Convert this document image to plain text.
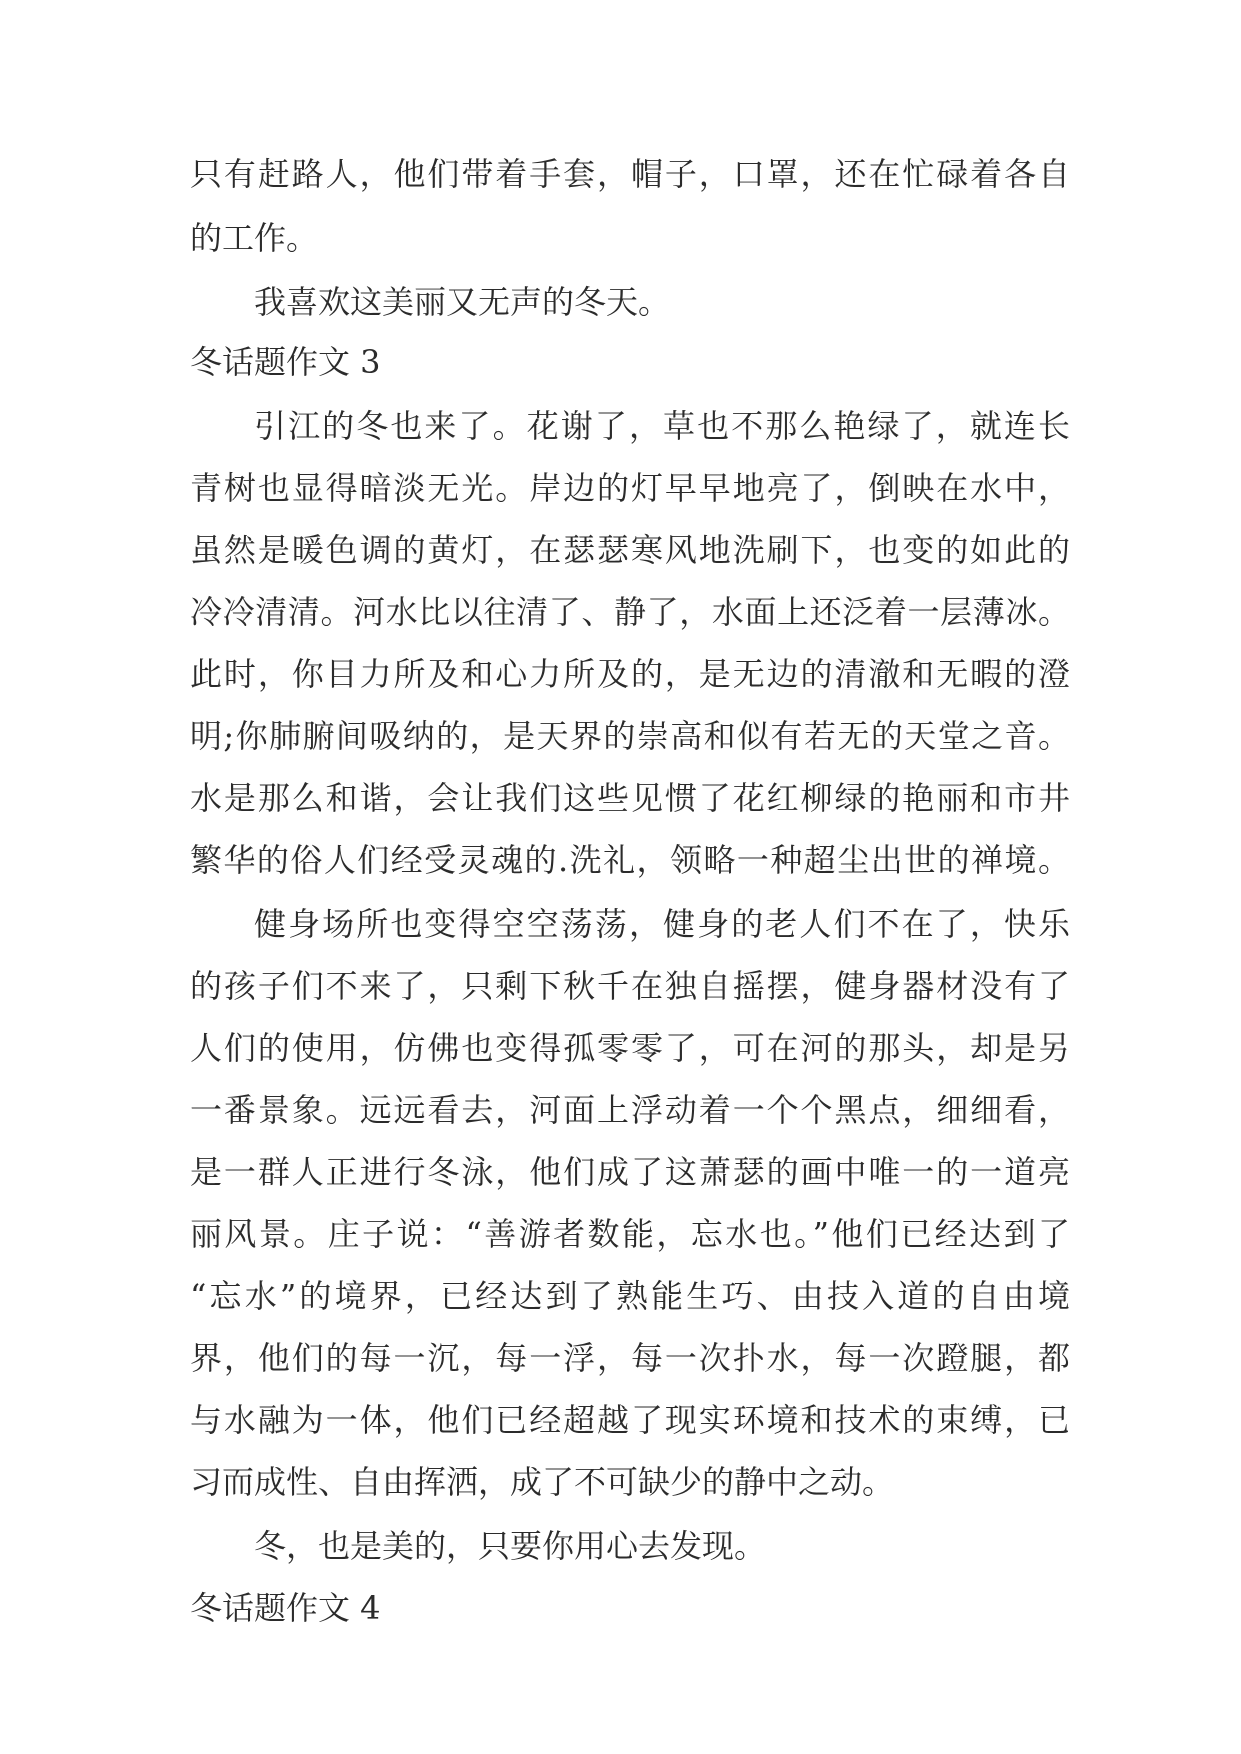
只有赶路人，他们带着手套，帽子，口罩，还在忙碌着各自
的工作。
我喜欢这美丽又无声的冬天。
冬话题作文 3
引江的冬也来了。花谢了，草也不那么艳绿了，就连长
青树也显得暗淡无光。岸边的灯早早地亮了，倒映在水中，
虽然是暖色调的黄灯，在瑟瑟寒风地洗刷下，也变的如此的
冷冷清清。河水比以往清了、静了，水面上还泛着一层薄冰。
此时，你目力所及和心力所及的，是无边的清澈和无暇的澄
明;你肺腑间吸纳的，是天界的崇高和似有若无的天堂之音。
水是那么和谐，会让我们这些见惯了花红柳绿的艳丽和市井
繁华的俗人们经受灵魂的.洗礼，领略一种超尘出世的禅境。
健身场所也变得空空荡荡，健身的老人们不在了，快乐
的孩子们不来了，只剩下秋千在独自摇摆，健身器材没有了
人们的使用，仿佛也变得孤零零了，可在河的那头，却是另
一番景象。远远看去，河面上浮动着一个个黑点，细细看，
是一群人正进行冬泳，他们成了这萧瑟的画中唯一的一道亮
丽风景。庄子说：“善游者数能，忘水也。”他们已经达到了
“忘水”的境界，已经达到了熟能生巧、由技入道的自由境
界，他们的每一沉，每一浮，每一次扑水，每一次蹬腿，都
与水融为一体，他们已经超越了现实环境和技术的束缚，已
习而成性、自由挥洒，成了不可缺少的静中之动。
冬，也是美的，只要你用心去发现。
冬话题作文 4
